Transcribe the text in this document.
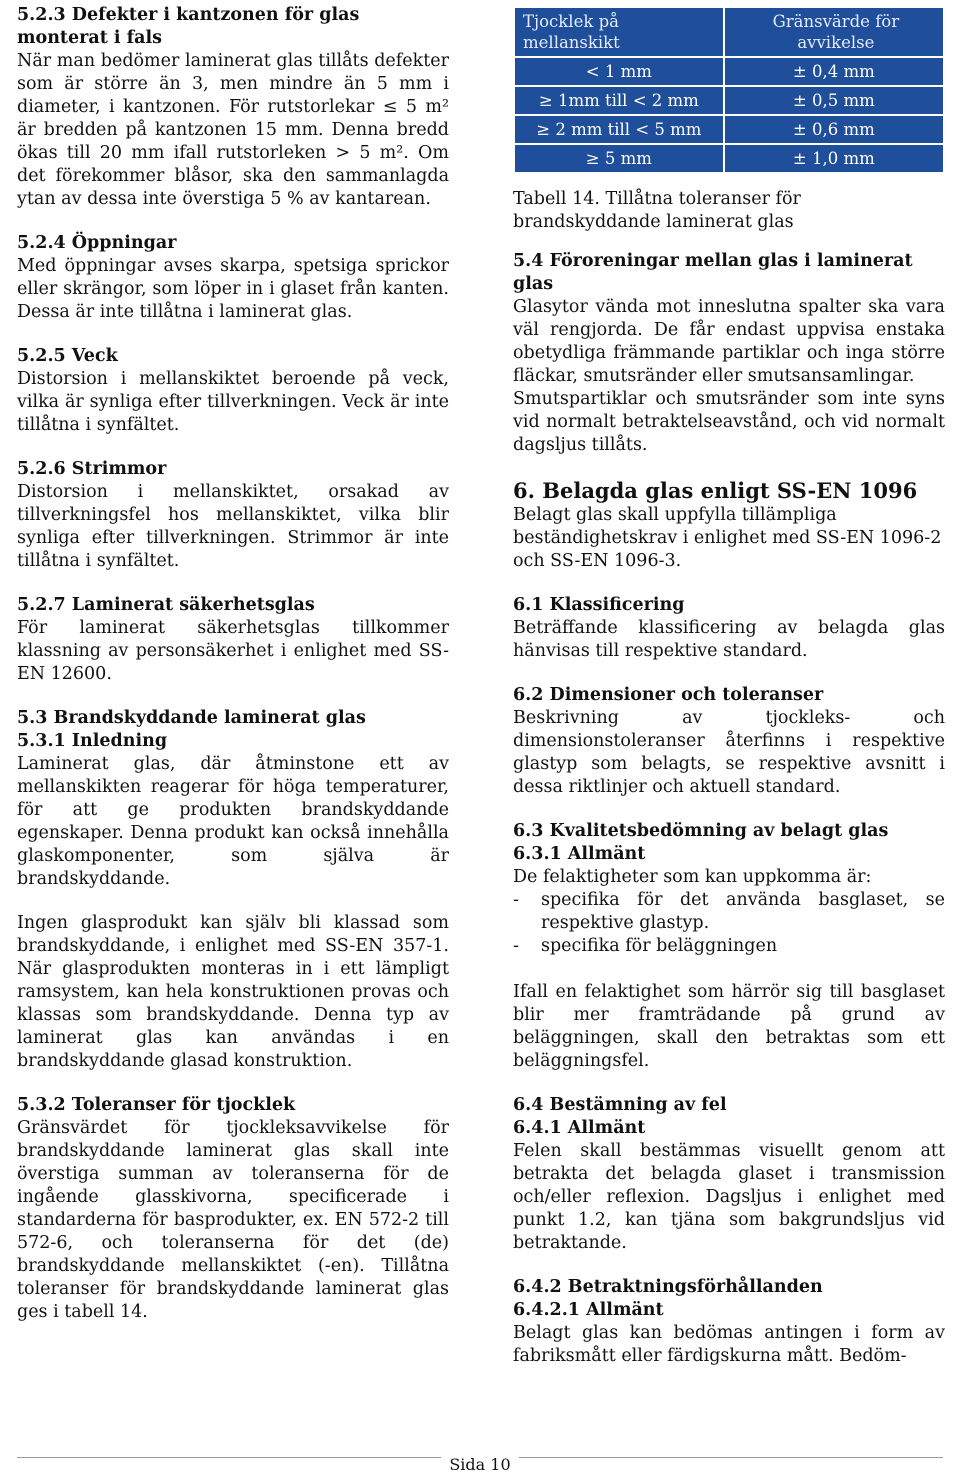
5.2.3 Defekter i kantzonen för glas monterat i fals

När man bedömer laminerat glas tillåts defekter som är större än 3, men mindre än 5 mm i diameter, i kantzonen. För rutstorlekar ≤ 5 m² är bredden på kantzonen 15 mm. Denna bredd ökas till 20 mm ifall rutstorleken > 5 m². Om det förekommer blåsor, ska den sammanlagda ytan av dessa inte överstiga 5 % av kantarean.

5.2.4 Öppningar

Med öppningar avses skarpa, spetsiga sprickor eller skrängor, som löper in i glaset från kanten. Dessa är inte tillåtna i laminerat glas.

5.2.5 Veck

Distorsion i mellanskiktet beroende på veck, vilka är synliga efter tillverkningen. Veck är inte tillåtna i synfältet.

5.2.6 Strimmor

Distorsion i mellanskiktet, orsakad av tillverkningsfel hos mellanskiktet, vilka blir synliga efter tillverkningen. Strimmor är inte tillåtna i synfältet.

5.2.7 Laminerat säkerhetsglas

För laminerat säkerhetsglas tillkommer klassning av personsäkerhet i enlighet med SS-EN 12600.

5.3 Brandskyddande laminerat glas
5.3.1 Inledning

Laminerat glas, där åtminstone ett av mellanskikten reagerar för höga temperaturer, för att ge produkten brandskyddande egenskaper. Denna produkt kan också innehålla glaskomponenter, som själva är brandskyddande.

Ingen glasprodukt kan själv bli klassad som brandskyddande, i enlighet med SS-EN 357-1. När glasprodukten monteras in i ett lämpligt ramsystem, kan hela konstruktionen provas och klassas som brandskyddande. Denna typ av laminerat glas kan användas i en brandskyddande glasad konstruktion.

5.3.2 Toleranser för tjocklek

Gränsvärdet för tjockleksavvikelse för brandskyddande laminerat glas skall inte överstiga summan av toleranserna för de ingående glasskivorna, specificerade i standarderna för basprodukter, ex. EN 572-2 till 572-6, och toleranserna för det (de) brandskyddande mellanskiktet (-en). Tillåtna toleranser för brandskyddande laminerat glas ges i tabell 14.

Tjocklek på mellanskikt	Gränsvärde för avvikelse
< 1 mm	± 0,4 mm
≥ 1mm till < 2 mm	± 0,5 mm
≥ 2 mm till < 5 mm	± 0,6 mm
≥ 5 mm	± 1,0 mm

Tabell 14. Tillåtna toleranser för brandskyddande laminerat glas

5.4 Föroreningar mellan glas i laminerat glas

Glasytor vända mot inneslutna spalter ska vara väl rengjorda. De får endast uppvisa enstaka obetydliga främmande partiklar och inga större fläckar, smutsränder eller smutsansamlingar.

Smutspartiklar och smutsränder som inte syns vid normalt betraktelseavstånd, och vid normalt dagsljus tillåts.

6. Belagda glas enligt SS-EN 1096

Belagt glas skall uppfylla tillämpliga beständighetskrav i enlighet med SS-EN 1096-2 och SS-EN 1096-3.

6.1 Klassificering

Beträffande klassificering av belagda glas hänvisas till respektive standard.

6.2 Dimensioner och toleranser

Beskrivning av tjockleks- och dimensionstoleranser återfinns i respektive glastyp som belagts, se respektive avsnitt i dessa riktlinjer och aktuell standard.

6.3 Kvalitetsbedömning av belagt glas
6.3.1 Allmänt

De felaktigheter som kan uppkomma är:

- specifika för det använda basglaset, se respektive glastyp.
- specifika för beläggningen

Ifall en felaktighet som härrör sig till basglaset blir mer framträdande på grund av beläggningen, skall den betraktas som ett beläggningsfel.

6.4 Bestämning av fel
6.4.1 Allmänt

Felen skall bestämmas visuellt genom att betrakta det belagda glaset i transmission och/eller reflexion. Dagsljus i enlighet med punkt 1.2, kan tjäna som bakgrundsljus vid betraktande.

6.4.2 Betraktningsförhållanden
6.4.2.1 Allmänt

Belagt glas kan bedömas antingen i form av fabriksmått eller färdigskurna mått. Bedöm-

Sida 10
